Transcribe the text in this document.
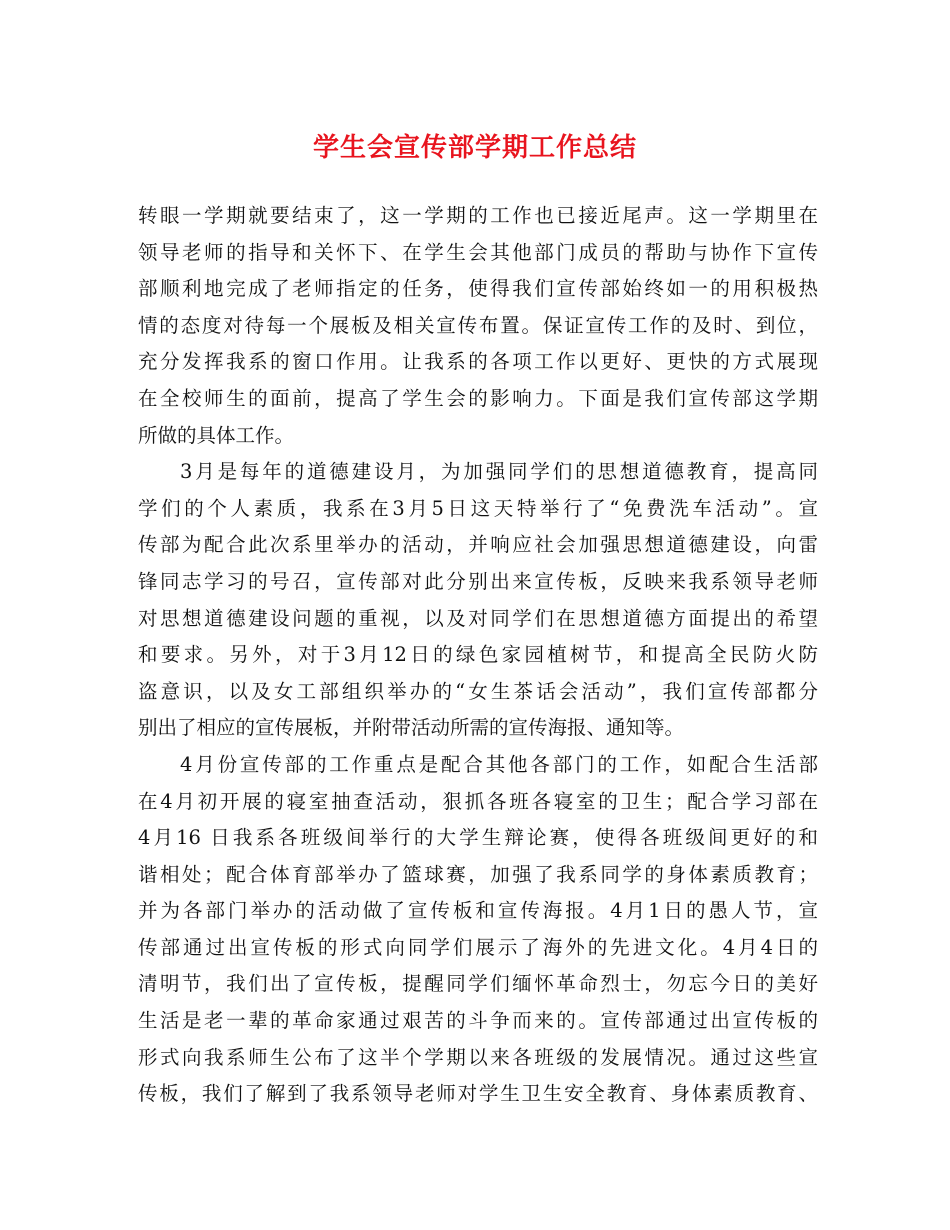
学生会宣传部学期工作总结
转眼一学期就要结束了，这一学期的工作也已接近尾声。这一学期里在
领导老师的指导和关怀下、在学生会其他部门成员的帮助与协作下宣传
部顺利地完成了老师指定的任务，使得我们宣传部始终如一的用积极热
情的态度对待每一个展板及相关宣传布置。保证宣传工作的及时、到位，
充分发挥我系的窗口作用。让我系的各项工作以更好、更快的方式展现
在全校师生的面前，提高了学生会的影响力。下面是我们宣传部这学期
所做的具体工作。
3月是每年的道德建设月，为加强同学们的思想道德教育，提高同
学们的个人素质，我系在3月5日这天特举行了“免费洗车活动”。宣
传部为配合此次系里举办的活动，并响应社会加强思想道德建设，向雷
锋同志学习的号召，宣传部对此分别出来宣传板，反映来我系领导老师
对思想道德建设问题的重视，以及对同学们在思想道德方面提出的希望
和要求。另外，对于3月12日的绿色家园植树节，和提高全民防火防
盗意识，以及女工部组织举办的“女生茶话会活动”，我们宣传部都分
别出了相应的宣传展板，并附带活动所需的宣传海报、通知等。
4月份宣传部的工作重点是配合其他各部门的工作，如配合生活部
在4月初开展的寝室抽查活动，狠抓各班各寝室的卫生；配合学习部在
4月16 日我系各班级间举行的大学生辩论赛，使得各班级间更好的和
谐相处；配合体育部举办了篮球赛，加强了我系同学的身体素质教育；
并为各部门举办的活动做了宣传板和宣传海报。4月1日的愚人节，宣
传部通过出宣传板的形式向同学们展示了海外的先进文化。4月4日的
清明节，我们出了宣传板，提醒同学们缅怀革命烈士，勿忘今日的美好
生活是老一辈的革命家通过艰苦的斗争而来的。宣传部通过出宣传板的
形式向我系师生公布了这半个学期以来各班级的发展情况。通过这些宣
传板，我们了解到了我系领导老师对学生卫生安全教育、身体素质教育、
